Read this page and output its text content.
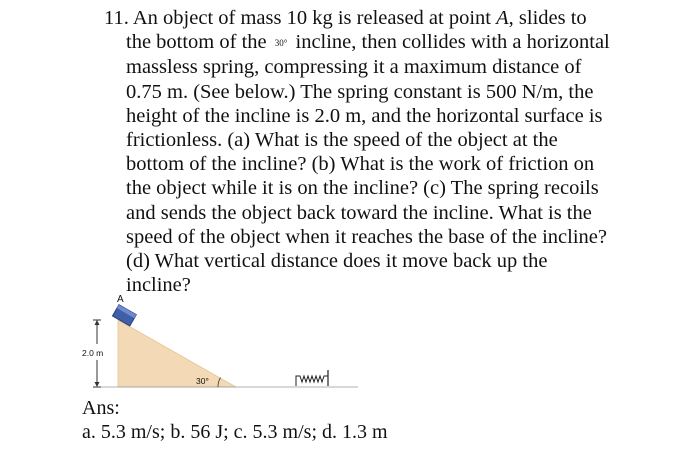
11. An object of mass 10 kg is released at point A, slides to
the bottom of the 30° incline, then collides with a horizontal
massless spring, compressing it a maximum distance of
0.75 m. (See below.) The spring constant is 500 N/m, the
height of the incline is 2.0 m, and the horizontal surface is
frictionless. (a) What is the speed of the object at the
bottom of the incline? (b) What is the work of friction on
the object while it is on the incline? (c) The spring recoils
and sends the object back toward the incline. What is the
speed of the object when it reaches the base of the incline?
(d) What vertical distance does it move back up the
incline?
A
2.0 m
30°
Ans:
a. 5.3 m/s; b. 56 J; c. 5.3 m/s; d. 1.3 m
